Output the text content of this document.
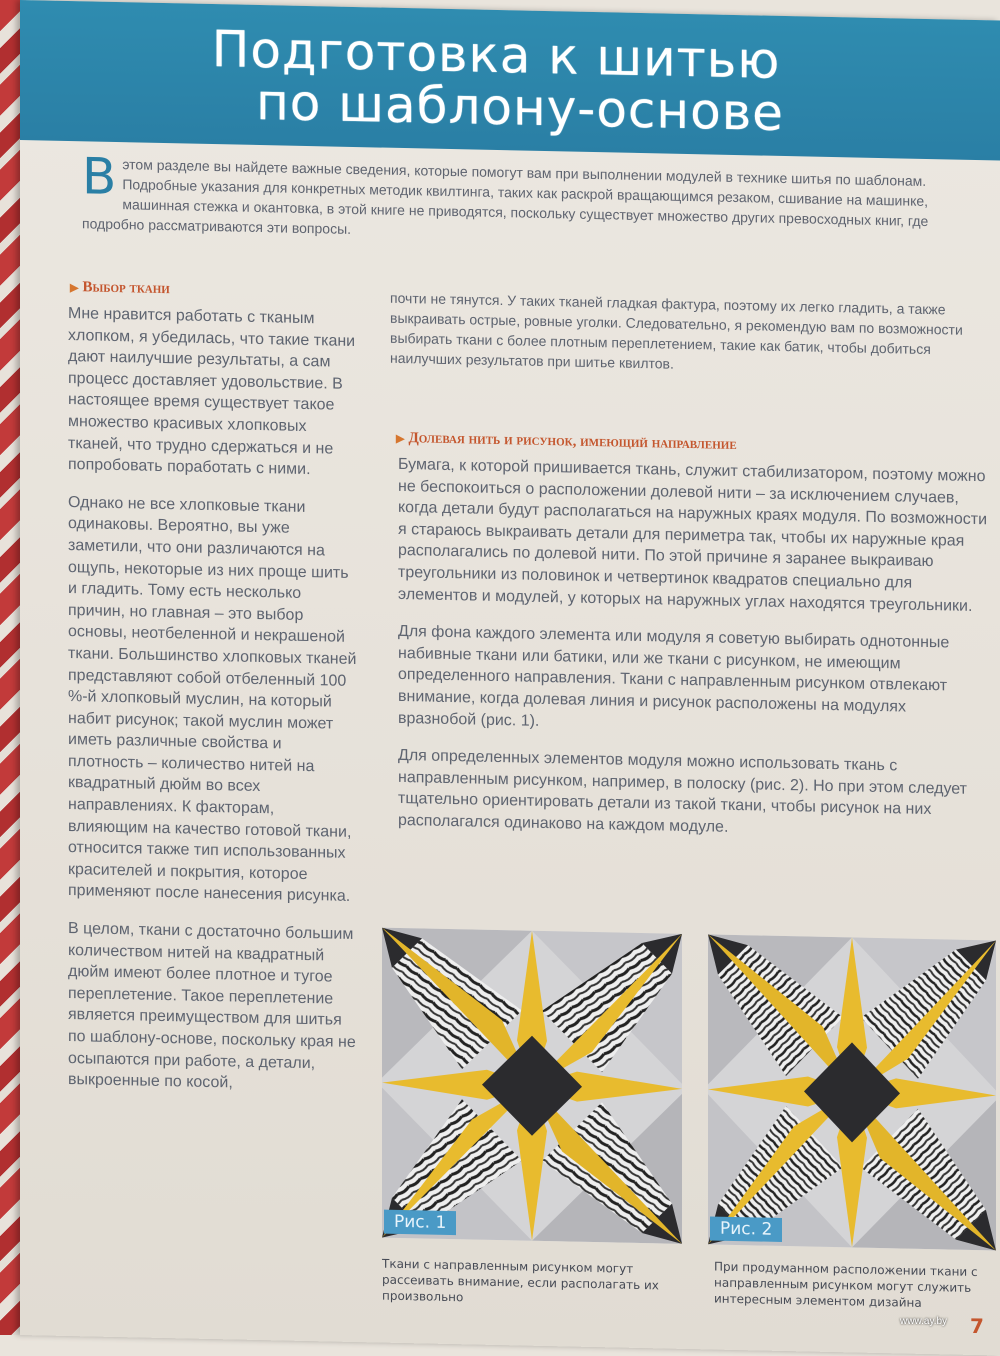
Подготовка к шитью
по шаблону-основе
В этом разделе вы найдете важные сведения, которые помогут вам при выполнении модулей в технике шитья по шаблонам. Подробные указания для конкретных методик квилтинга, таких как раскрой вращающимся резаком, сшивание на машинке, машинная стежка и окантовка, в этой книге не приводятся, поскольку существует множество других превосходных книг, где подробно рассматриваются эти вопросы.
▶ Выбор ткани

Мне нравится работать с тканым хлопком, я убедилась, что такие ткани дают наилучшие результаты, а сам процесс доставляет удовольствие. В настоящее время существует такое множество красивых хлопковых тканей, что трудно сдержаться и не попробовать поработать с ними.

Однако не все хлопковые ткани одинаковы. Вероятно, вы уже заметили, что они различаются на ощупь, некоторые из них проще шить и гладить. Тому есть несколько причин, но главная – это выбор основы, неотбеленной и некрашеной ткани. Большинство хлопковых тканей представляют собой отбеленный 100 %-й хлопковый муслин, на который набит рисунок; такой муслин может иметь различные свойства и плотность – количество нитей на квадратный дюйм во всех направлениях. К факторам, влияющим на качество готовой ткани, относится также тип использованных красителей и покрытия, которое применяют после нанесения рисунка.

В целом, ткани с достаточно большим количеством нитей на квадратный дюйм имеют более плотное и тугое переплетение. Такое переплетение является преимуществом для шитья по шаблону-основе, поскольку края не осыпаются при работе, а детали, выкроенные по косой,

почти не тянутся. У таких тканей гладкая фактура, поэтому их легко гладить, а также выкраивать острые, ровные уголки. Следовательно, я рекомендую вам по возможности выбирать ткани с более плотным переплетением, такие как батик, чтобы добиться наилучших результатов при шитье квилтов.

▶ Долевая нить и рисунок, имеющий направление

Бумага, к которой пришивается ткань, служит стабилизатором, поэтому можно не беспокоиться о расположении долевой нити – за исключением случаев, когда детали будут располагаться на наружных краях модуля. По возможности я стараюсь выкраивать детали для периметра так, чтобы их наружные края располагались по долевой нити. По этой причине я заранее выкраиваю треугольники из половинок и четвертинок квадратов специально для элементов и модулей, у которых на наружных углах находятся треугольники.

Для фона каждого элемента или модуля я советую выбирать однотонные набивные ткани или батики, или же ткани с рисунком, не имеющим определенного направления. Ткани с направленным рисунком отвлекают внимание, когда долевая линия и рисунок расположены на модулях вразнобой (рис. 1).

Для определенных элементов модуля можно использовать ткань с направленным рисунком, например, в полоску (рис. 2). Но при этом следует тщательно ориентировать детали из такой ткани, чтобы рисунок на них располагался одинаково на каждом модуле.

Рис. 1	Рис. 2
Ткани с направленным рисунком могут рассеивать внимание, если располагать их произвольно
При продуманном расположении ткани с направленным рисунком могут служить интересным элементом дизайна
7
www.ay.by
